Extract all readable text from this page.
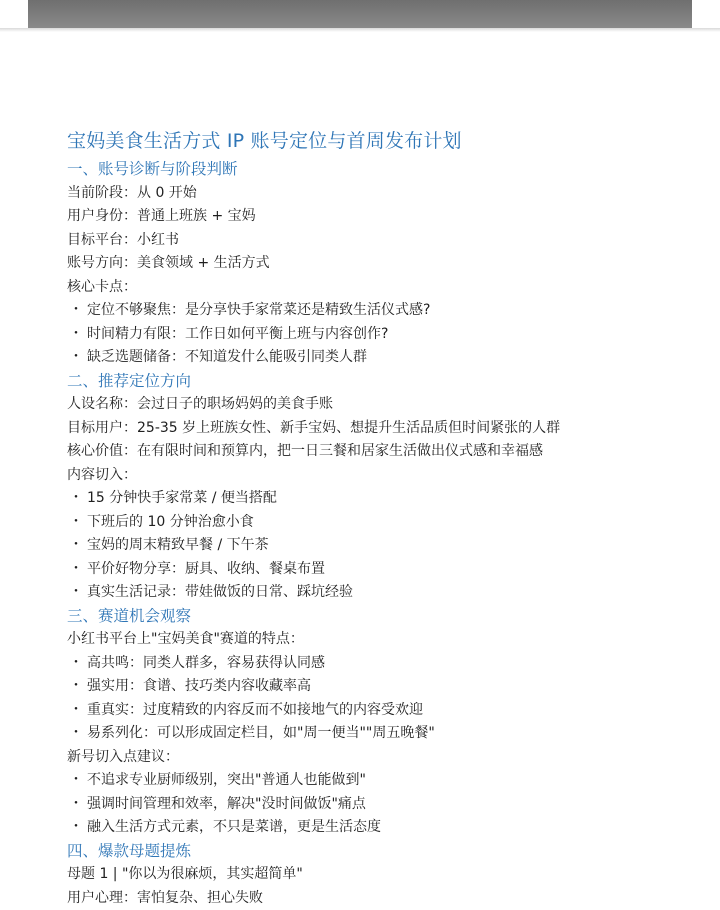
宝妈美食生活方式 IP 账号定位与首周发布计划
一、账号诊断与阶段判断

当前阶段：从 0 开始

用户身份：普通上班族 + 宝妈

目标平台：小红书

账号方向：美食领域 + 生活方式

核心卡点：

・ 定位不够聚焦：是分享快手家常菜还是精致生活仪式感?

・ 时间精力有限：工作日如何平衡上班与内容创作?

・ 缺乏选题储备：不知道发什么能吸引同类人群

二、推荐定位方向

人设名称：会过日子的职场妈妈的美食手账

目标用户：25-35 岁上班族女性、新手宝妈、想提升生活品质但时间紧张的人群

核心价值：在有限时间和预算内，把一日三餐和居家生活做出仪式感和幸福感

内容切入：

・ 15 分钟快手家常菜 / 便当搭配

・ 下班后的 10 分钟治愈小食

・ 宝妈的周末精致早餐 / 下午茶

・ 平价好物分享：厨具、收纳、餐桌布置

・ 真实生活记录：带娃做饭的日常、踩坑经验

三、赛道机会观察

小红书平台上"宝妈美食"赛道的特点：

・ 高共鸣：同类人群多，容易获得认同感

・ 强实用：食谱、技巧类内容收藏率高

・ 重真实：过度精致的内容反而不如接地气的内容受欢迎

・ 易系列化：可以形成固定栏目，如"周一便当""周五晚餐"

新号切入点建议：

・ 不追求专业厨师级别，突出"普通人也能做到"

・ 强调时间管理和效率，解决"没时间做饭"痛点

・ 融入生活方式元素，不只是菜谱，更是生活态度

四、爆款母题提炼

母题 1 | "你以为很麻烦，其实超简单"

用户心理：害怕复杂、担心失败
